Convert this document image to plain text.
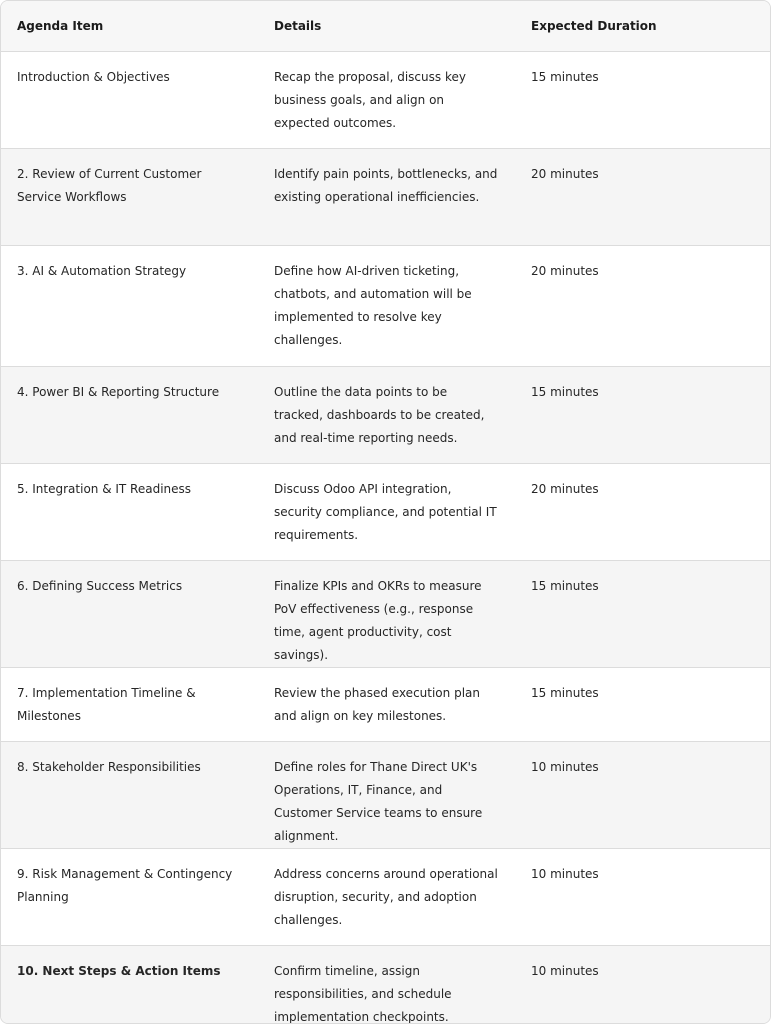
Agenda Item	Details	Expected Duration
Introduction & Objectives	Recap the proposal, discuss key business goals, and align on expected outcomes.	15 minutes
2. Review of Current Customer Service Workflows	Identify pain points, bottlenecks, and existing operational inefficiencies.	20 minutes
3. AI & Automation Strategy	Define how AI-driven ticketing, chatbots, and automation will be implemented to resolve key challenges.	20 minutes
4. Power BI & Reporting Structure	Outline the data points to be tracked, dashboards to be created, and real-time reporting needs.	15 minutes
5. Integration & IT Readiness	Discuss Odoo API integration, security compliance, and potential IT requirements.	20 minutes
6. Defining Success Metrics	Finalize KPIs and OKRs to measure PoV effectiveness (e.g., response time, agent productivity, cost savings).	15 minutes
7. Implementation Timeline & Milestones	Review the phased execution plan and align on key milestones.	15 minutes
8. Stakeholder Responsibilities	Define roles for Thane Direct UK's Operations, IT, Finance, and Customer Service teams to ensure alignment.	10 minutes
9. Risk Management & Contingency Planning	Address concerns around operational disruption, security, and adoption challenges.	10 minutes
10. Next Steps & Action Items	Confirm timeline, assign responsibilities, and schedule implementation checkpoints.	10 minutes
